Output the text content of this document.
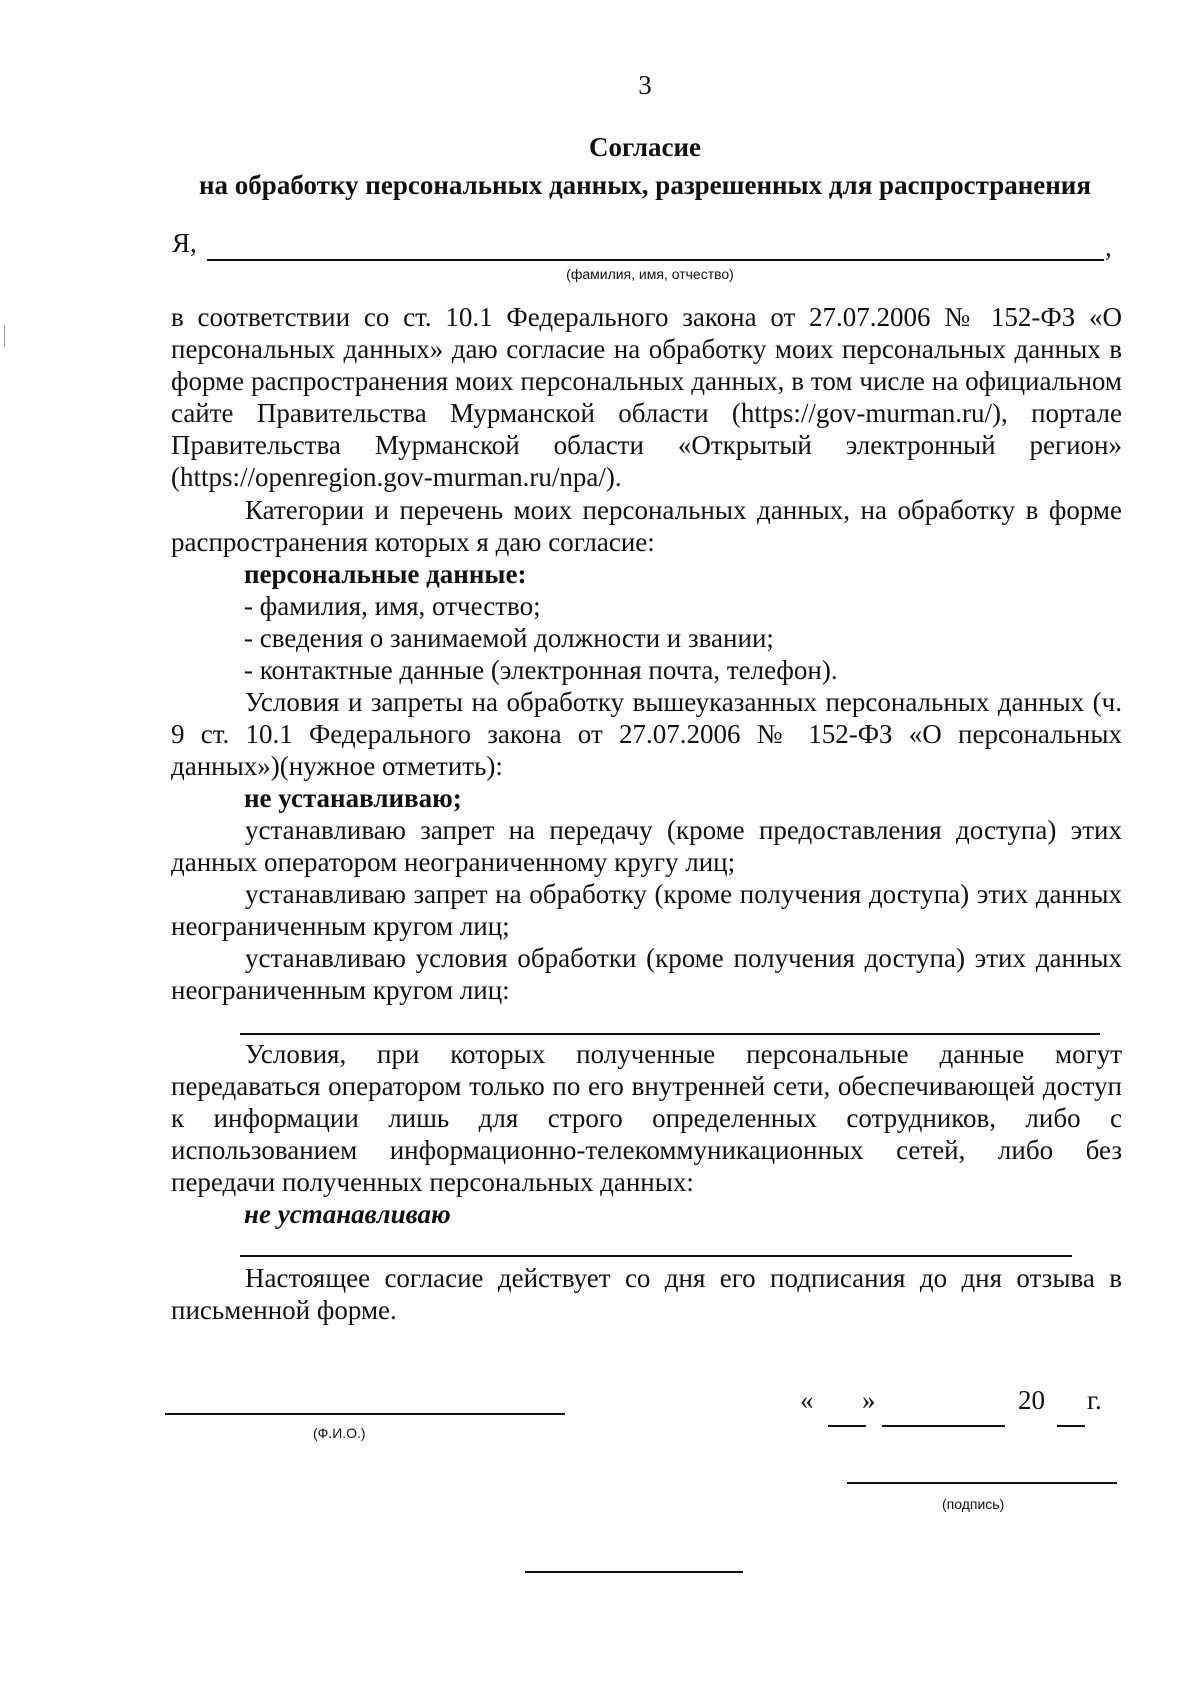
3
Согласие
на обработку персональных данных, разрешенных для распространения
Я,	,
(фамилия, имя, отчество)
в соответствии со ст. 10.1 Федерального закона от 27.07.2006 № 152-ФЗ «О персональных данных» даю согласие на обработку моих персональных данных в форме распространения моих персональных данных, в том числе на официальном сайте Правительства Мурманской области (https://gov-murman.ru/), портале Правительства Мурманской области «Открытый электронный регион» (https://openregion.gov-murman.ru/npa/).
Категории и перечень моих персональных данных, на обработку в форме распространения которых я даю согласие:
персональные данные:
- фамилия, имя, отчество;
- сведения о занимаемой должности и звании;
- контактные данные (электронная почта, телефон).
Условия и запреты на обработку вышеуказанных персональных данных (ч. 9 ст. 10.1 Федерального закона от 27.07.2006 № 152-ФЗ «О персональных данных»)(нужное отметить):
не устанавливаю;
устанавливаю запрет на передачу (кроме предоставления доступа) этих данных оператором неограниченному кругу лиц;
устанавливаю запрет на обработку (кроме получения доступа) этих данных неограниченным кругом лиц;
устанавливаю условия обработки (кроме получения доступа) этих данных неограниченным кругом лиц:
Условия, при которых полученные персональные данные могут передаваться оператором только по его внутренней сети, обеспечивающей доступ к информации лишь для строго определенных сотрудников, либо с использованием информационно-телекоммуникационных сетей, либо без передачи полученных персональных данных:
не устанавливаю
Настоящее согласие действует со дня его подписания до дня отзыва в письменной форме.
« »	20 г.
(Ф.И.О.)
(подпись)
